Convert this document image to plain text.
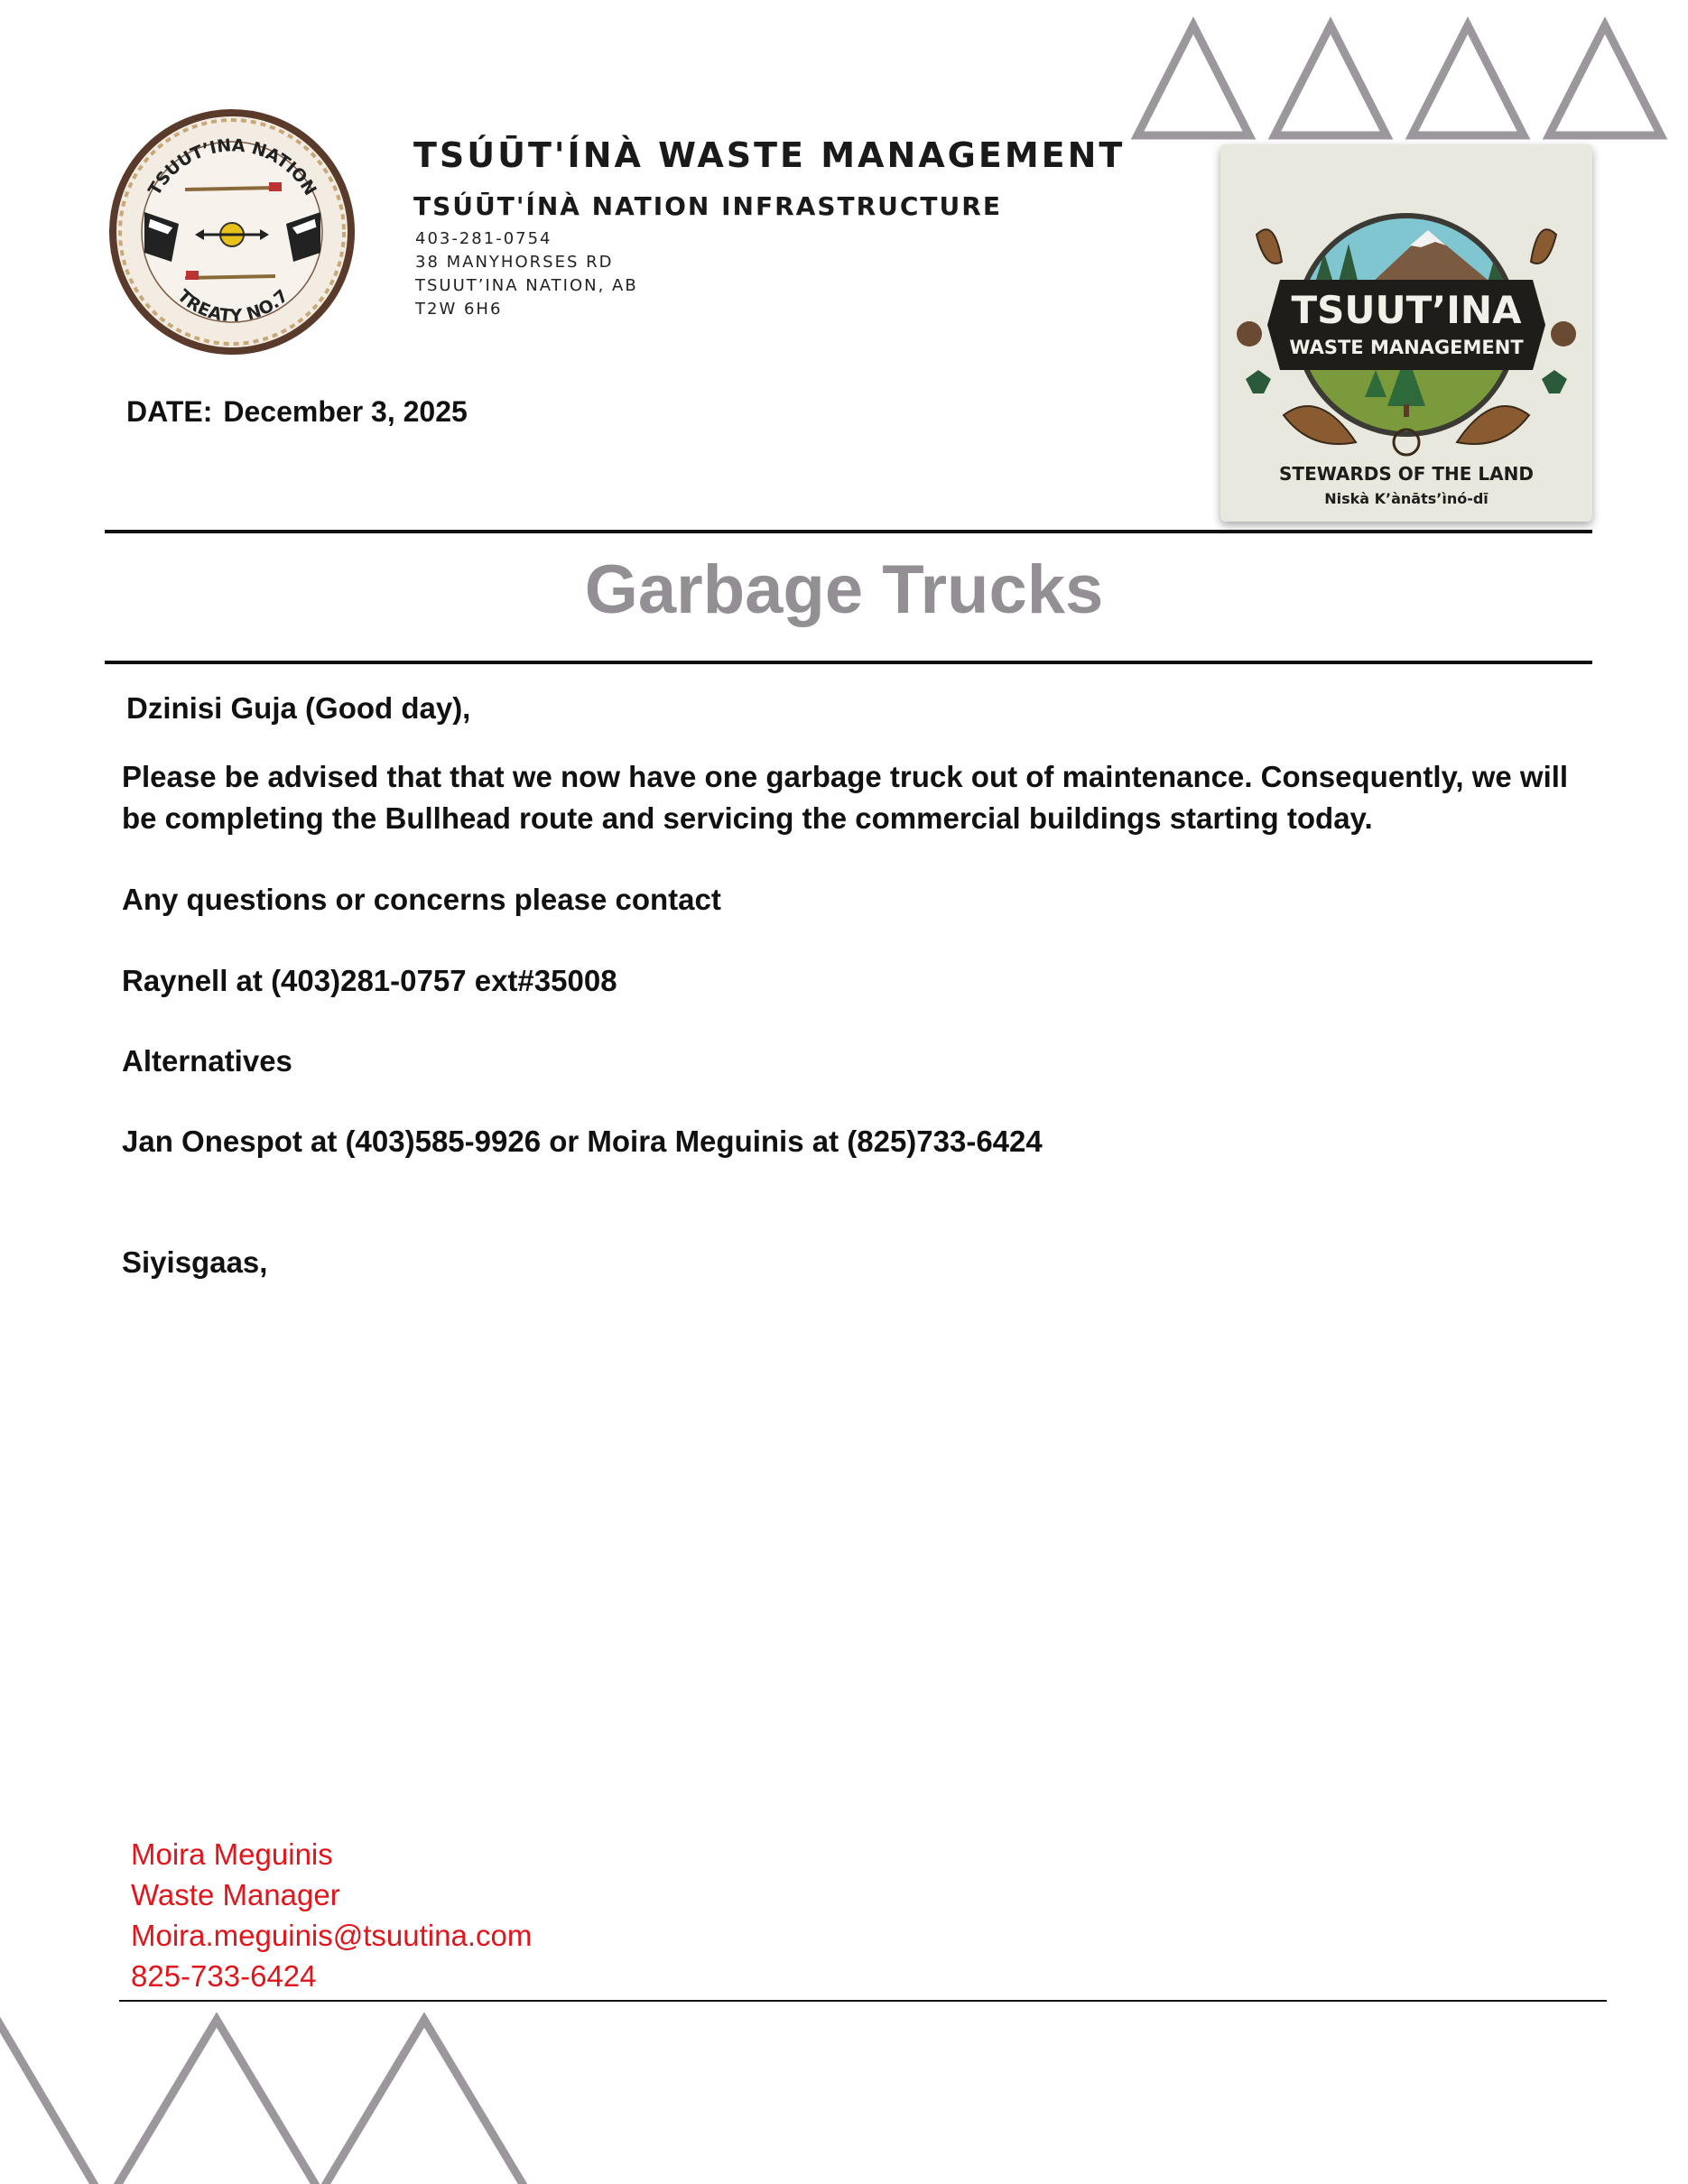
TSUUT’INA NATION
TREATY NO.7
TSÚŪT'ÍNÀ WASTE MANAGEMENT
TSÚŪT'ÍNÀ NATION INFRASTRUCTURE
403-281-0754
38 MANYHORSES RD
TSUUT’INA NATION, AB
T2W 6H6
DATE: December 3, 2025
TSUUT’INA
WASTE MANAGEMENT
STEWARDS OF THE LAND
Niskà K’ànāts’ìnó-dī
Garbage Trucks
Dzinisi Guja (Good day),
Please be advised that that we now have one garbage truck out of maintenance. Consequently, we will be completing the Bullhead route and servicing the commercial buildings starting today.
Any questions or concerns please contact
Raynell at (403)281-0757 ext#35008
Alternatives
Jan Onespot at (403)585-9926 or Moira Meguinis at (825)733-6424
Siyisgaas,
Moira Meguinis
Waste Manager
Moira.meguinis@tsuutina.com
825-733-6424
